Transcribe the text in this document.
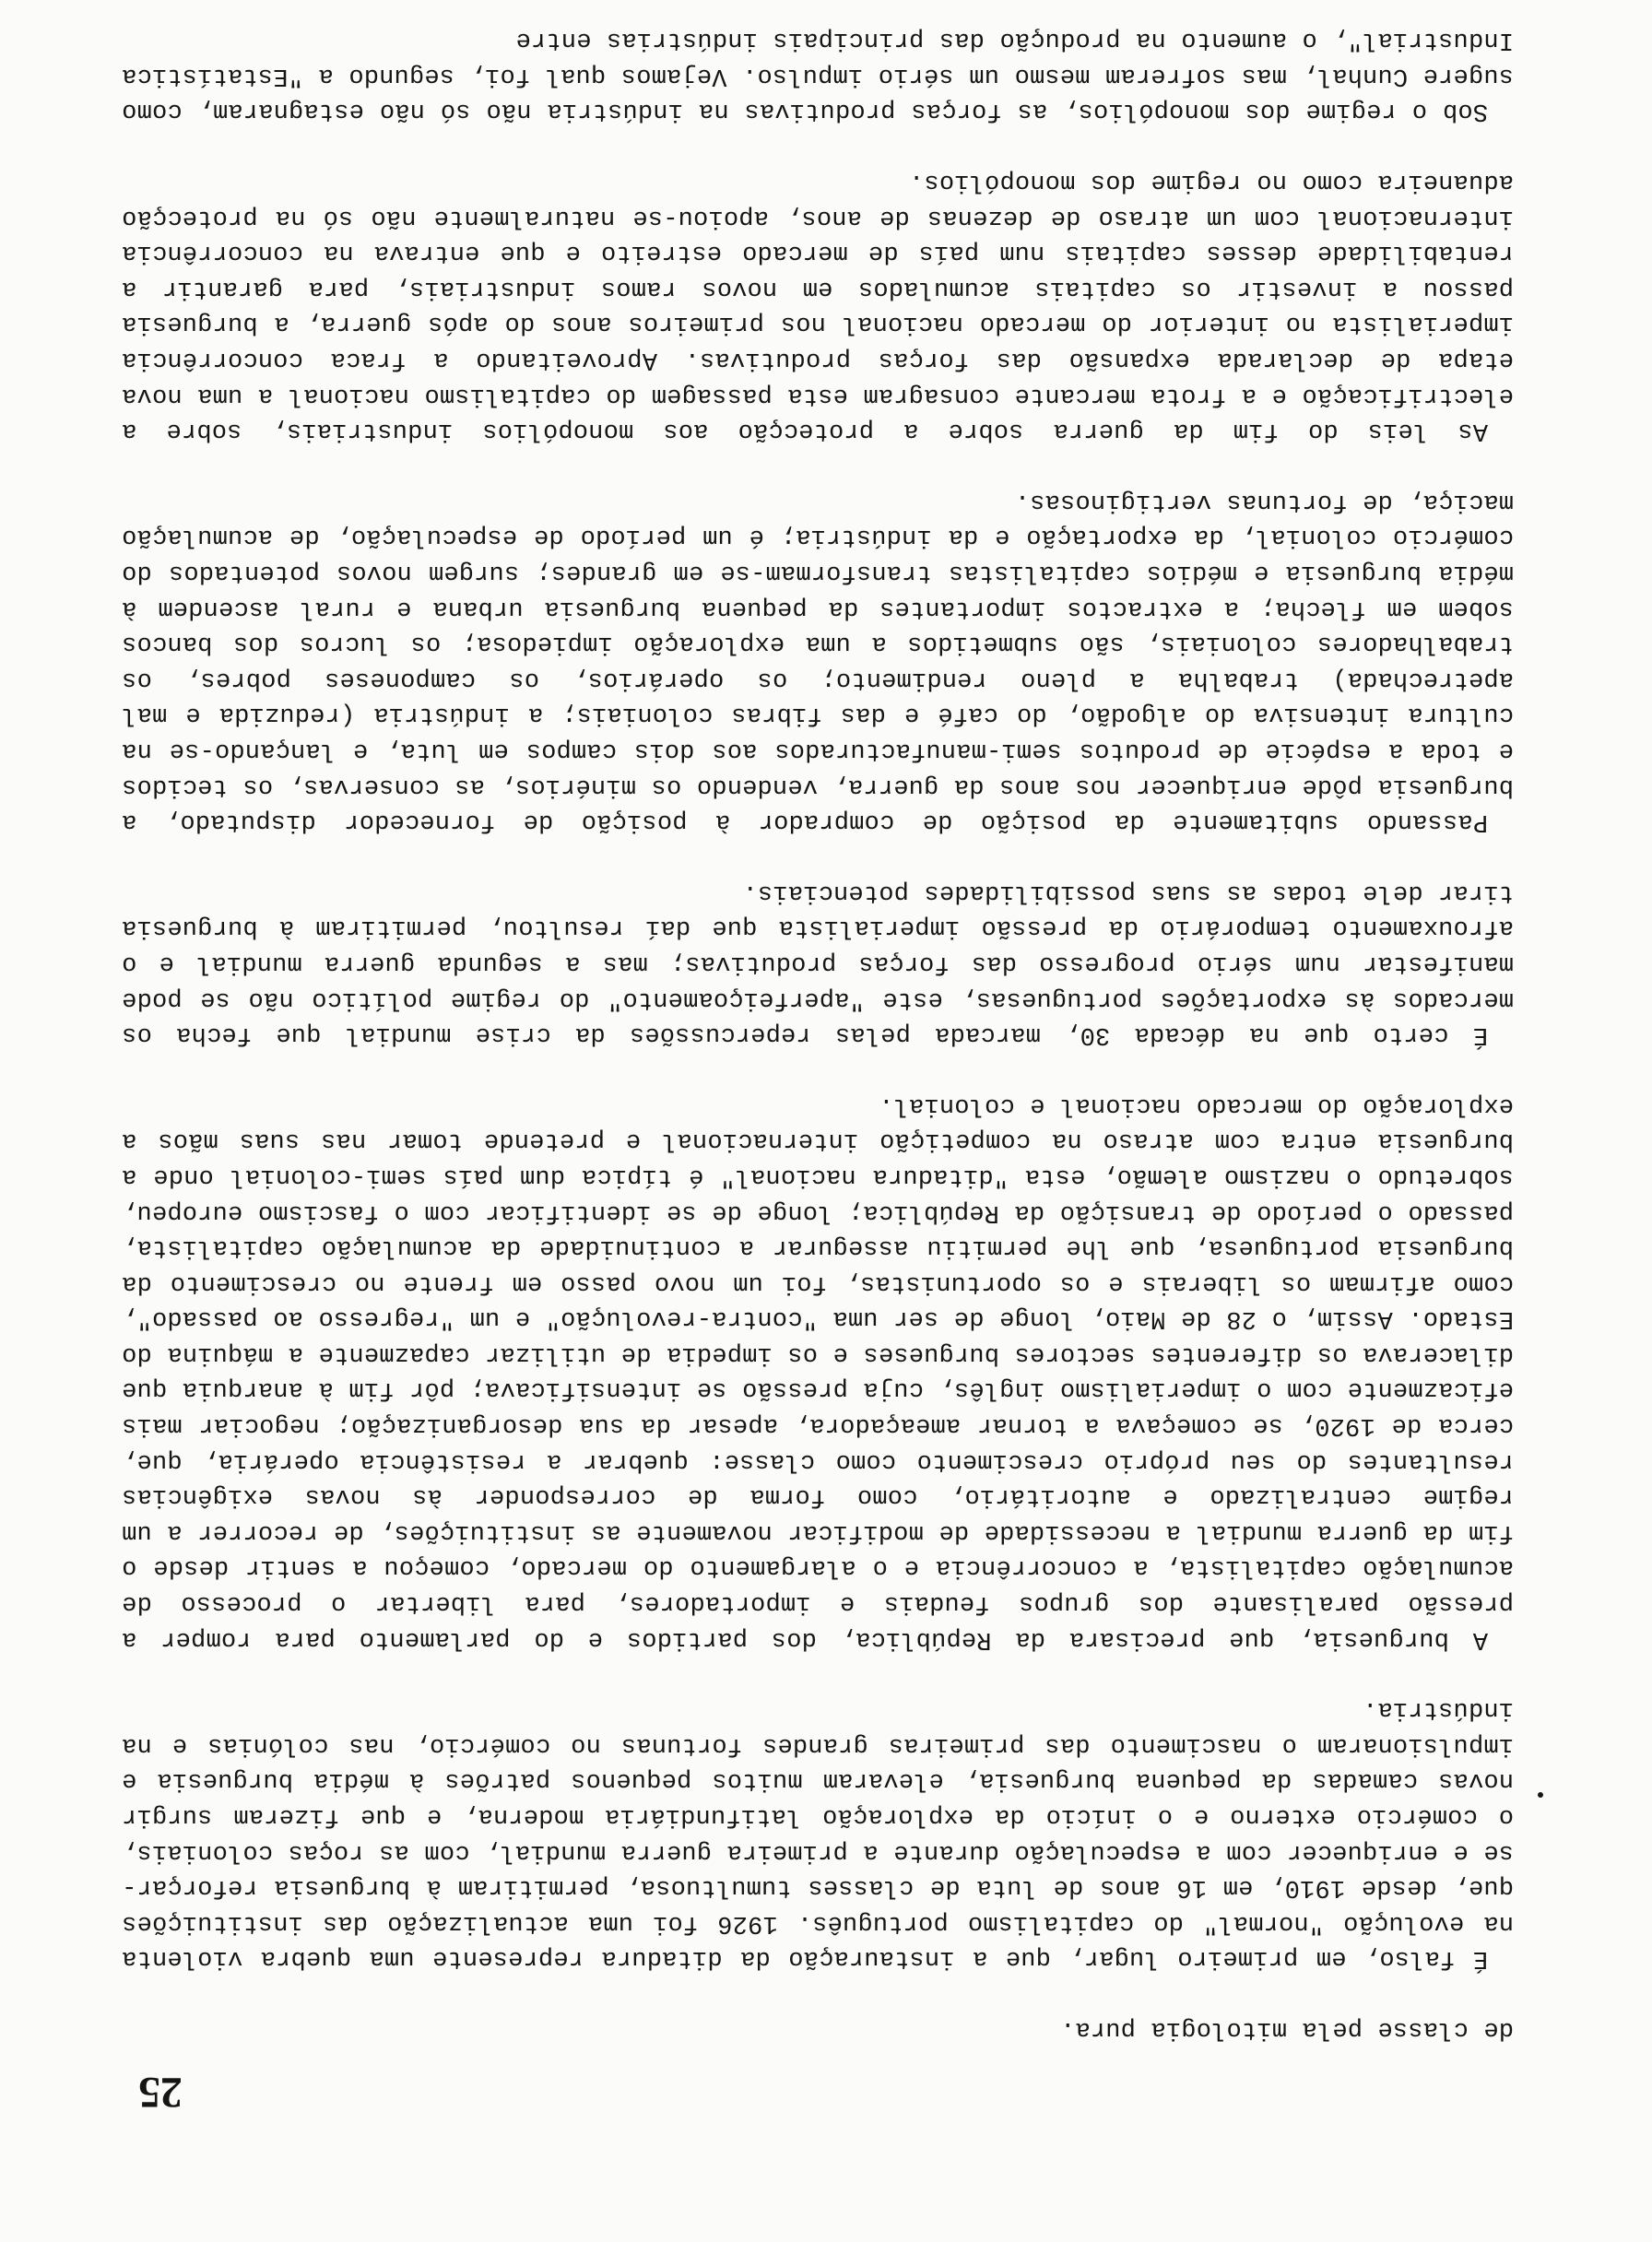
25

de classe pela mitologia pura.

É falso, em primeiro lugar, que a instauração da ditadura represente uma quebra violenta na evolução "normal" do capitalismo português. 1926 foi uma actualização das instituições que, desde 1910, em 16 anos de luta de classes tumultuosa, permitiram à burguesia reforçar-se e enriquecer com a especulação durante a primeira guerra mundial, com as roças coloniais, o comércio externo e o início da exploração latifundiária moderna, e que fizeram surgir novas camadas da pequena burguesia, elevaram muitos pequenos patrões à média burguesia e impulsionaram o nascimento das primeiras grandes fortunas no comércio, nas colónias e na indústria.

A burguesia, que precisara da República, dos partidos e do parlamento para romper a pressão paralisante dos grupos feudais e importadores, para libertar o processo de acumulação capitalista, a concorrência e o alargamento do mercado, começou a sentir desde o fim da guerra mundial a necessidade de modificar novamente as instituições, de recorrer a um regime centralizado e autoritário, como forma de corresponder às novas exigências resultantes do seu próprio crescimento como classe: quebrar a resistência operária, que, cerca de 1920, se começava a tornar ameaçadora, apesar da sua desorganização; negociar mais eficazmente com o imperialismo inglês, cuja pressão se intensificava; pôr fim à anarquia que dilacerava os diferentes sectores burgueses e os impedia de utilizar capazmente a máquina do Estado. Assim, o 28 de Maio, longe de ser uma "contra-revolução" e um "regresso ao passado", como afirmam os liberais e os oportunistas, foi um novo passo em frente no crescimento da burguesia portuguesa, que lhe permitiu assegurar a continuidade da acumulação capitalista, passado o período de transição da República; longe de se identificar com o fascismo europeu, sobretudo o nazismo alemão, esta "ditadura nacional" é típica dum país semi-colonial onde a burguesia entra com atraso na competição internacional e pretende tomar nas suas mãos a exploração do mercado nacional e colonial.

É certo que na década 30, marcada pelas repercussões da crise mundial que fecha os mercados às exportações portuguesas, este "aperfeiçoamento" do regime político não se pode manifestar num sério progresso das forças produtivas; mas a segunda guerra mundial e o afrouxamento temporário da pressão imperialista que daí resultou, permitiram à burguesia tirar dele todas as suas possibilidades potenciais.

Passando subitamente da posição de comprador à posição de fornecedor disputado, a burguesia pôde enriquecer nos anos da guerra, vendendo os minérios, as conservas, os tecidos e toda a espécie de produtos semi-manufacturados aos dois campos em luta, e lançando-se na cultura intensiva do algodão, do café e das fibras coloniais; a indústria (reduzida e mal apetrechada) trabalha a pleno rendimento; os operários, os camponeses pobres, os trabalhadores coloniais, são submetidos a uma exploração impiedosa; os lucros dos bancos sobem em flecha; a extractos importantes da pequena burguesia urbana e rural ascendem à média burguesia e médios capitalistas transformam-se em grandes; surgem novos potentados do comércio colonial, da exportação e da indústria; é um período de especulação, de acumulação maciça, de fortunas vertiginosas.

As leis do fim da guerra sobre a protecção aos monopólios industriais, sobre a electrificação e a frota mercante consagram esta passagem do capitalismo nacional a uma nova etapa de declarada expansão das forças produtivas. Aproveitando a fraca concorrência imperialista no interior do mercado nacional nos primeiros anos do após guerra, a burguesia passou a investir os capitais acumulados em novos ramos industriais, para garantir a rentabilidade desses capitais num país de mercado estreito e que entrava na concorrência internacional com um atraso de dezenas de anos, apoiou-se naturalmente não só na protecção aduaneira como no regime dos monopólios.

Sob o regime dos monopólios, as forças produtivas na indústria não só não estagnaram, como sugere Cunhal, mas sofreram mesmo um sério impulso. Vejamos qual foi, segundo a "Estatística Industrial", o aumento na produção das principais indústrias entre
